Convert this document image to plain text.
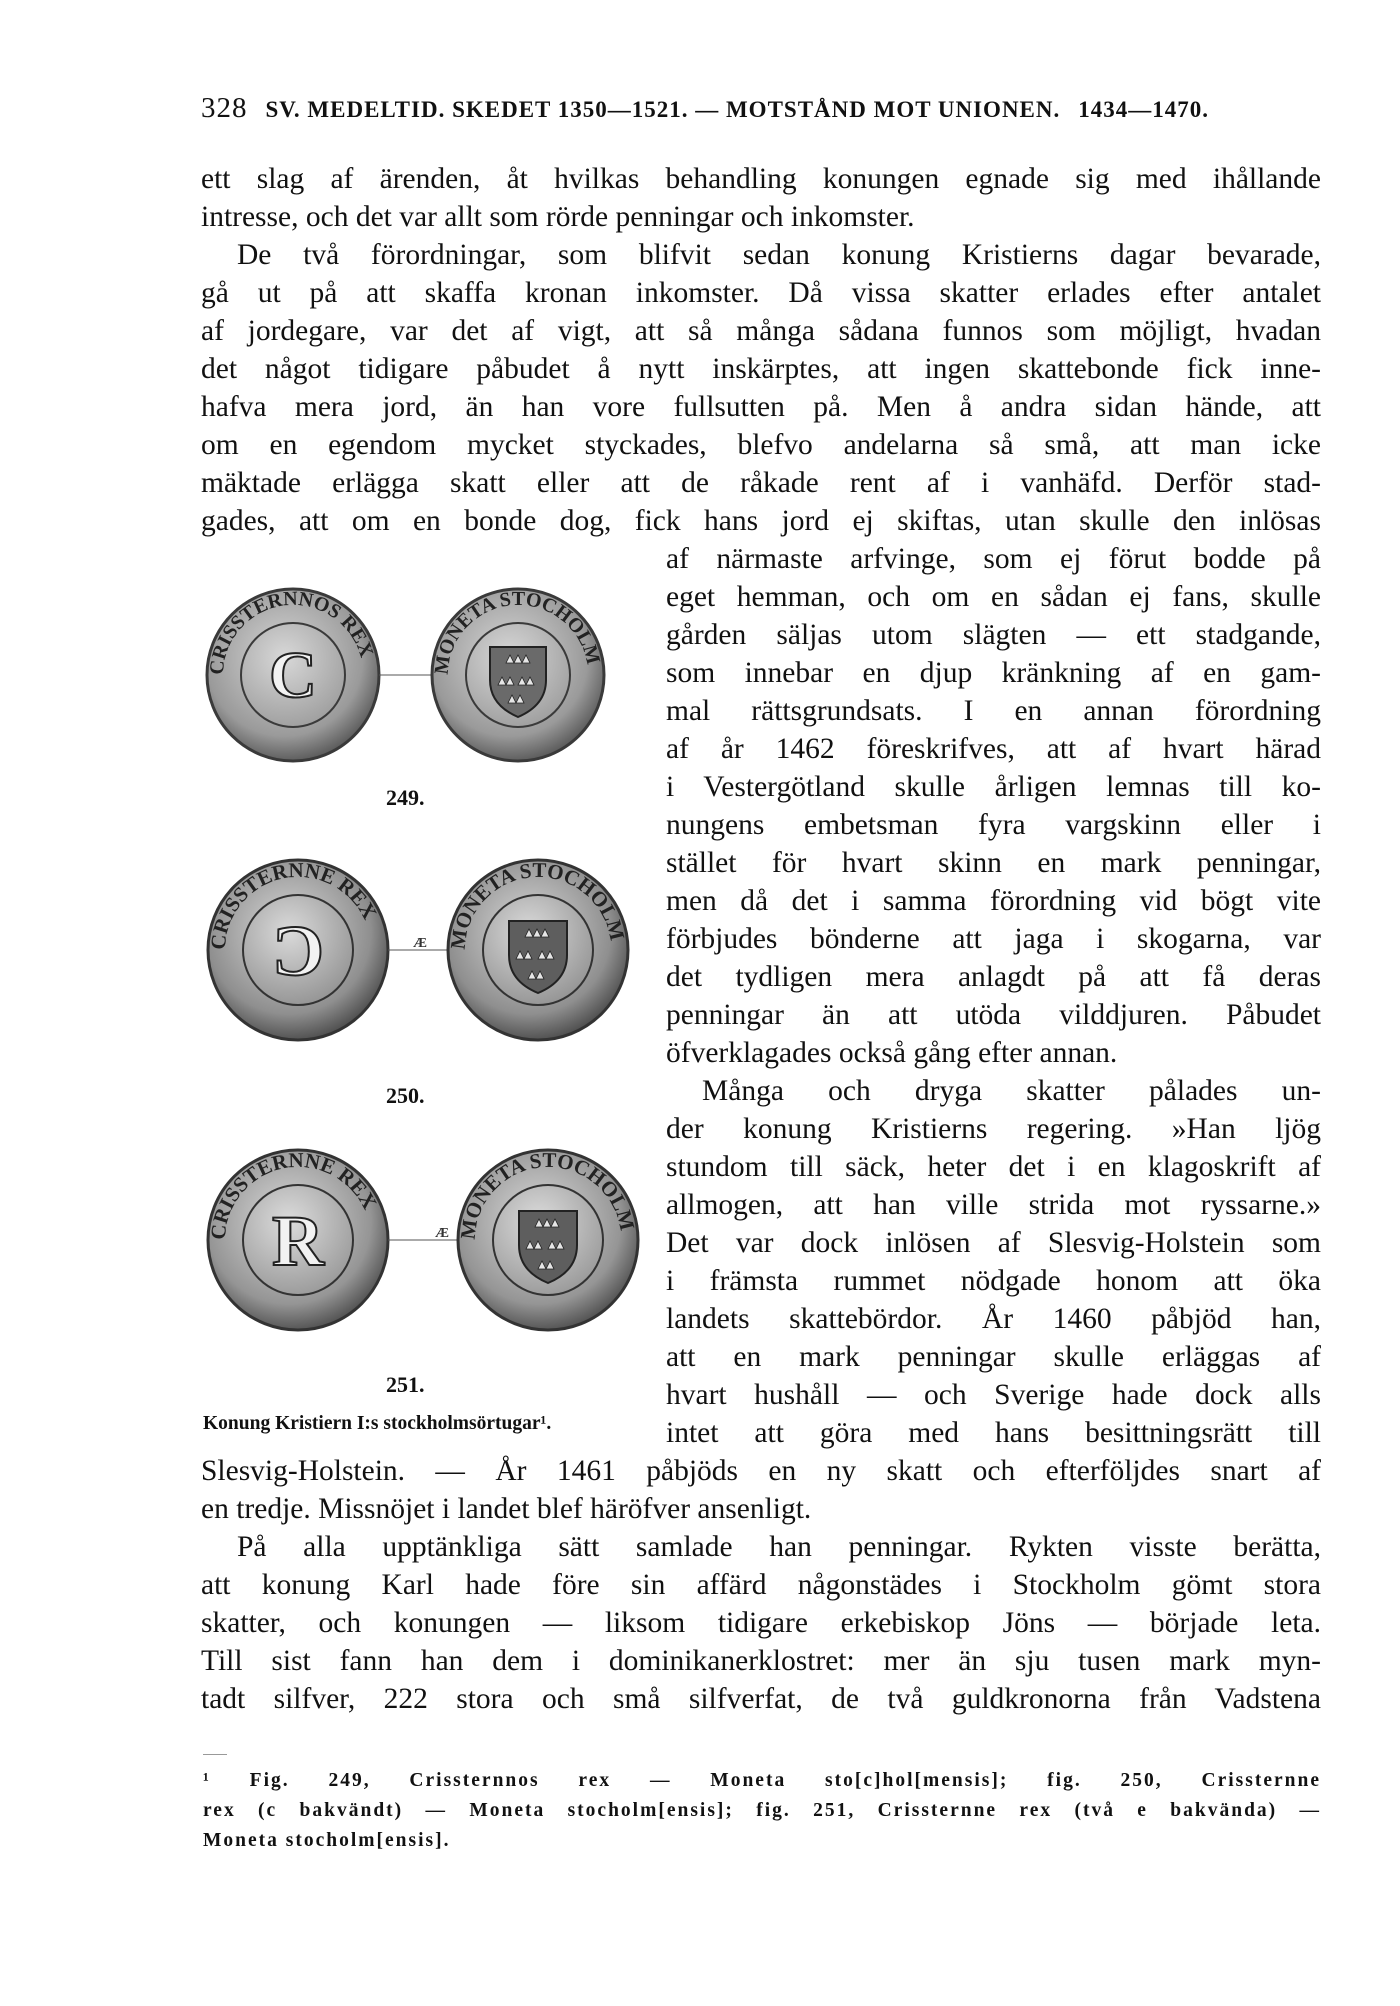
328 SV. MEDELTID. SKEDET 1350—1521. — MOTSTÅND MOT UNIONEN. 1434—1470.
ett slag af ärenden, åt hvilkas behandling konungen egnade sig med ihållande
intresse, och det var allt som rörde penningar och inkomster.
De två förordningar, som blifvit sedan konung Kristierns dagar bevarade,
gå ut på att skaffa kronan inkomster. Då vissa skatter erlades efter antalet
af jordegare, var det af vigt, att så många sådana funnos som möjligt, hvadan
det något tidigare påbudet å nytt inskärptes, att ingen skattebonde fick inne-
hafva mera jord, än han vore fullsutten på. Men å andra sidan hände, att
om en egendom mycket styckades, blefvo andelarna så små, att man icke
mäktade erlägga skatt eller att de råkade rent af i vanhäfd. Derför stad-
gades, att om en bonde dog, fick hans jord ej skiftas, utan skulle den inlösas
af närmaste arfvinge, som ej förut bodde på
eget hemman, och om en sådan ej fans, skulle
gården säljas utom slägten — ett stadgande,
som innebar en djup kränkning af en gam-
mal rättsgrundsats. I en annan förordning
af år 1462 föreskrifves, att af hvart härad
i Vestergötland skulle årligen lemnas till ko-
nungens embetsman fyra vargskinn eller i
stället för hvart skinn en mark penningar,
men då det i samma förordning vid bögt vite
förbjudes bönderne att jaga i skogarna, var
det tydligen mera anlagdt på att få deras
penningar än att utöda vilddjuren. Påbudet
öfverklagades också gång efter annan.
Många och dryga skatter pålades un-
der konung Kristierns regering. »Han ljög
stundom till säck, heter det i en klagoskrift af
allmogen, att han ville strida mot ryssarne.»
Det var dock inlösen af Slesvig-Holstein som
i främsta rummet nödgade honom att öka
landets skattebördor. År 1460 påbjöd han,
att en mark penningar skulle erläggas af
hvart hushåll — och Sverige hade dock alls
intet att göra med hans besittningsrätt till
Slesvig-Holstein. — År 1461 påbjöds en ny skatt och efterföljdes snart af
en tredje. Missnöjet i landet blef häröfver ansenligt.
På alla upptänkliga sätt samlade han penningar. Rykten visste berätta,
att konung Karl hade före sin affärd någonstädes i Stockholm gömt stora
skatter, och konungen — liksom tidigare erkebiskop Jöns — började leta.
Till sist fann han dem i dominikanerklostret: mer än sju tusen mark myn-
tadt silfver, 222 stora och små silfverfat, de två guldkronorna från Vadstena
CRISSTERNNOS REX
C	MONETA STOCHOLM
249.
CRISSTERNNE REX
C	Æ MONETA STOCHOLM
250.
CRISSTERNNE REX
R	Æ MONETA STOCHOLM
251.
Konung Kristiern I:s stockholmsörtugar¹.
¹ Fig. 249, Crissternnos rex — Moneta sto[c]hol[mensis]; fig. 250, Crissternne
rex (c bakvändt) — Moneta stocholm[ensis]; fig. 251, Crissternne rex (två e bakvända) —
Moneta stocholm[ensis].
